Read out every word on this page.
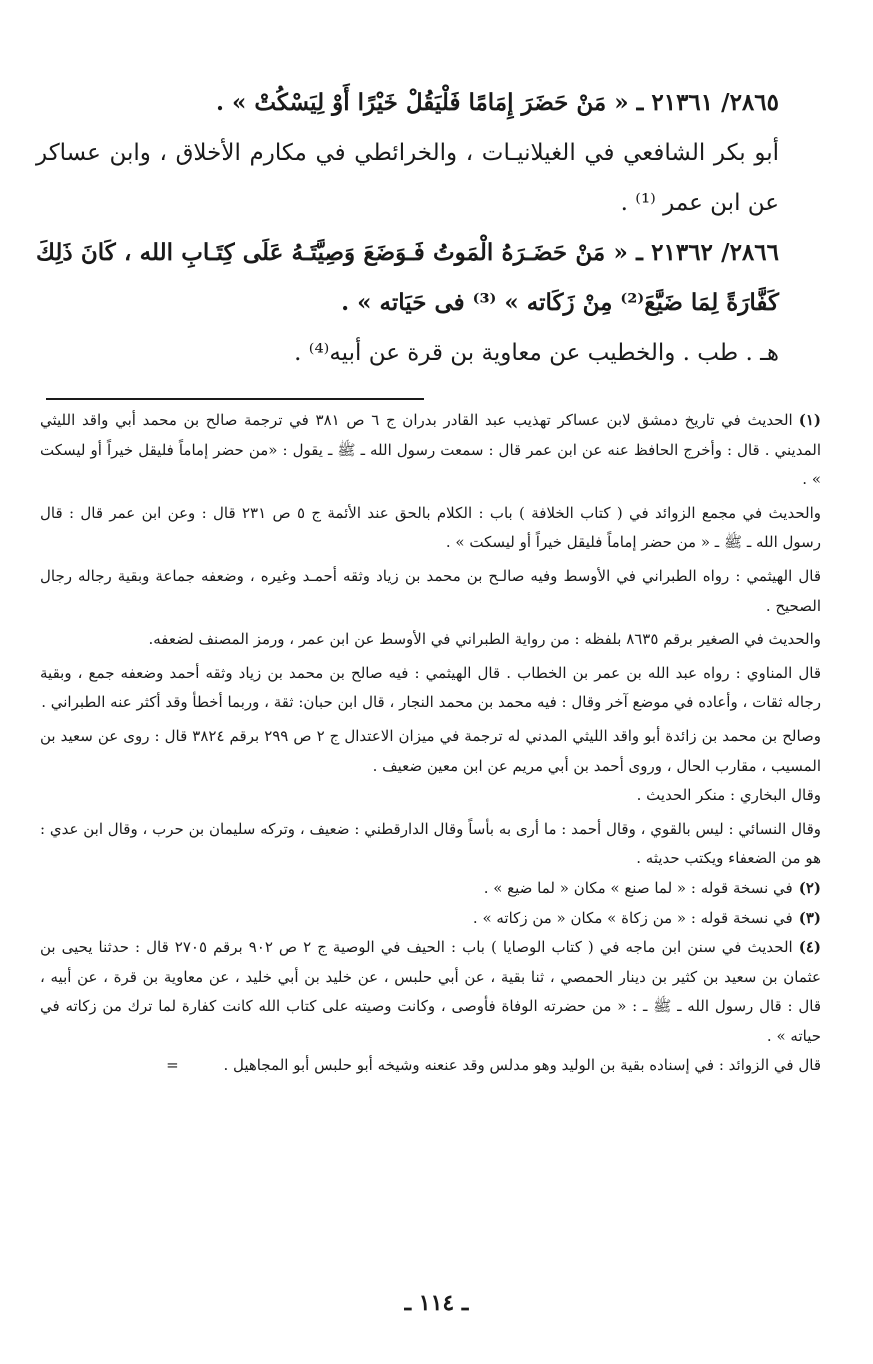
٢٨٦٥/ ٢١٣٦١ ـ « مَنْ حَضَرَ إِمَامًا فَلْيَقُلْ خَيْرًا أَوْ لِيَسْكُتْ » .

أبو بكر الشافعي في الغيلانيـات ، والخرائطي في مكارم الأخلاق ، وابن عساكر عن ابن عمر ⁽¹⁾ .

٢٨٦٦/ ٢١٣٦٢ ـ « مَنْ حَضَـرَهُ الْمَوتُ فَـوَضَعَ وَصِيَّتَـهُ عَلَى كِتَـابِ الله ، كَانَ ذَلِكَ كَفَّارَةً لِمَا ضَيَّعَ⁽²⁾ مِنْ زَكَاته » ⁽³⁾ فى حَيَاته » .

هـ . طب . والخطيب عن معاوية بن قرة عن أبيه⁽⁴⁾ .

(١)الحديث في تاريخ دمشق لابن عساكر تهذيب عبد القادر بدران ج ٦ ص ٣٨١ في ترجمة صالح بن محمد أبي واقد الليثي المديني . قال : وأخرج الحافظ عنه عن ابن عمر قال : سمعت رسول الله ـ ﷺ ـ يقول : «من حضر إماماً فليقل خيراً أو ليسكت » .

والحديث في مجمع الزوائد في ( كتاب الخلافة ) باب : الكلام بالحق عند الأئمة ج ٥ ص ٢٣١ قال : وعن ابن عمر قال : قال رسول الله ـ ﷺ ـ « من حضر إماماً فليقل خيراً أو ليسكت » .

قال الهيثمي : رواه الطبراني في الأوسط وفيه صالـح بن محمد بن زياد وثقه أحمـد وغيره ، وضعفه جماعة وبقية رجاله رجال الصحيح .

والحديث في الصغير برقم ٨٦٣٥ بلفظه : من رواية الطبراني في الأوسط عن ابن عمر ، ورمز المصنف لضعفه.

قال المناوي : رواه عبد الله بن عمر بن الخطاب . قال الهيثمي : فيه صالح بن محمد بن زياد وثقه أحمد وضعفه جمع ، وبقية رجاله ثقات ، وأعاده في موضع آخر وقال : فيه محمد بن محمد النجار ، قال ابن حبان: ثقة ، وربما أخطأ وقد أكثر عنه الطبراني .

وصالح بن محمد بن زائدة أبو واقد الليثي المدني له ترجمة في ميزان الاعتدال ج ٢ ص ٢٩٩ برقم ٣٨٢٤ قال : روى عن سعيد بن المسيب ، مقارب الحال ، وروى أحمد بن أبي مريم عن ابن معين ضعيف .

وقال البخاري : منكر الحديث .

وقال النسائي : ليس بالقوي ، وقال أحمد : ما أرى به بأساً وقال الدارقطني : ضعيف ، وتركه سليمان بن حرب ، وقال ابن عدي : هو من الضعفاء ويكتب حديثه .

(٢)في نسخة قوله : « لما صنع » مكان « لما ضيع » .

(٣)في نسخة قوله : « من زكاة » مكان « من زكاته » .

(٤)الحديث في سنن ابن ماجه في ( كتاب الوصايا ) باب : الحيف في الوصية ج ٢ ص ٩٠٢ برقم ٢٧٠٥ قال : حدثنا يحيى بن عثمان بن سعيد بن كثير بن دينار الحمصي ، ثنا بقية ، عن أبي حلبس ، عن خليد بن أبي خليد ، عن معاوية بن قرة ، عن أبيه ، قال : قال رسول الله ـ ﷺ ـ : « من حضرته الوفاة فأوصى ، وكانت وصيته على كتاب الله كانت كفارة لما ترك من زكاته في حياته » .

قال في الزوائد : في إسناده بقية بن الوليد وهو مدلس وقد عنعنه وشيخه أبو حلبس أبو المجاهيل . =

ـ ١١٤ ـ
